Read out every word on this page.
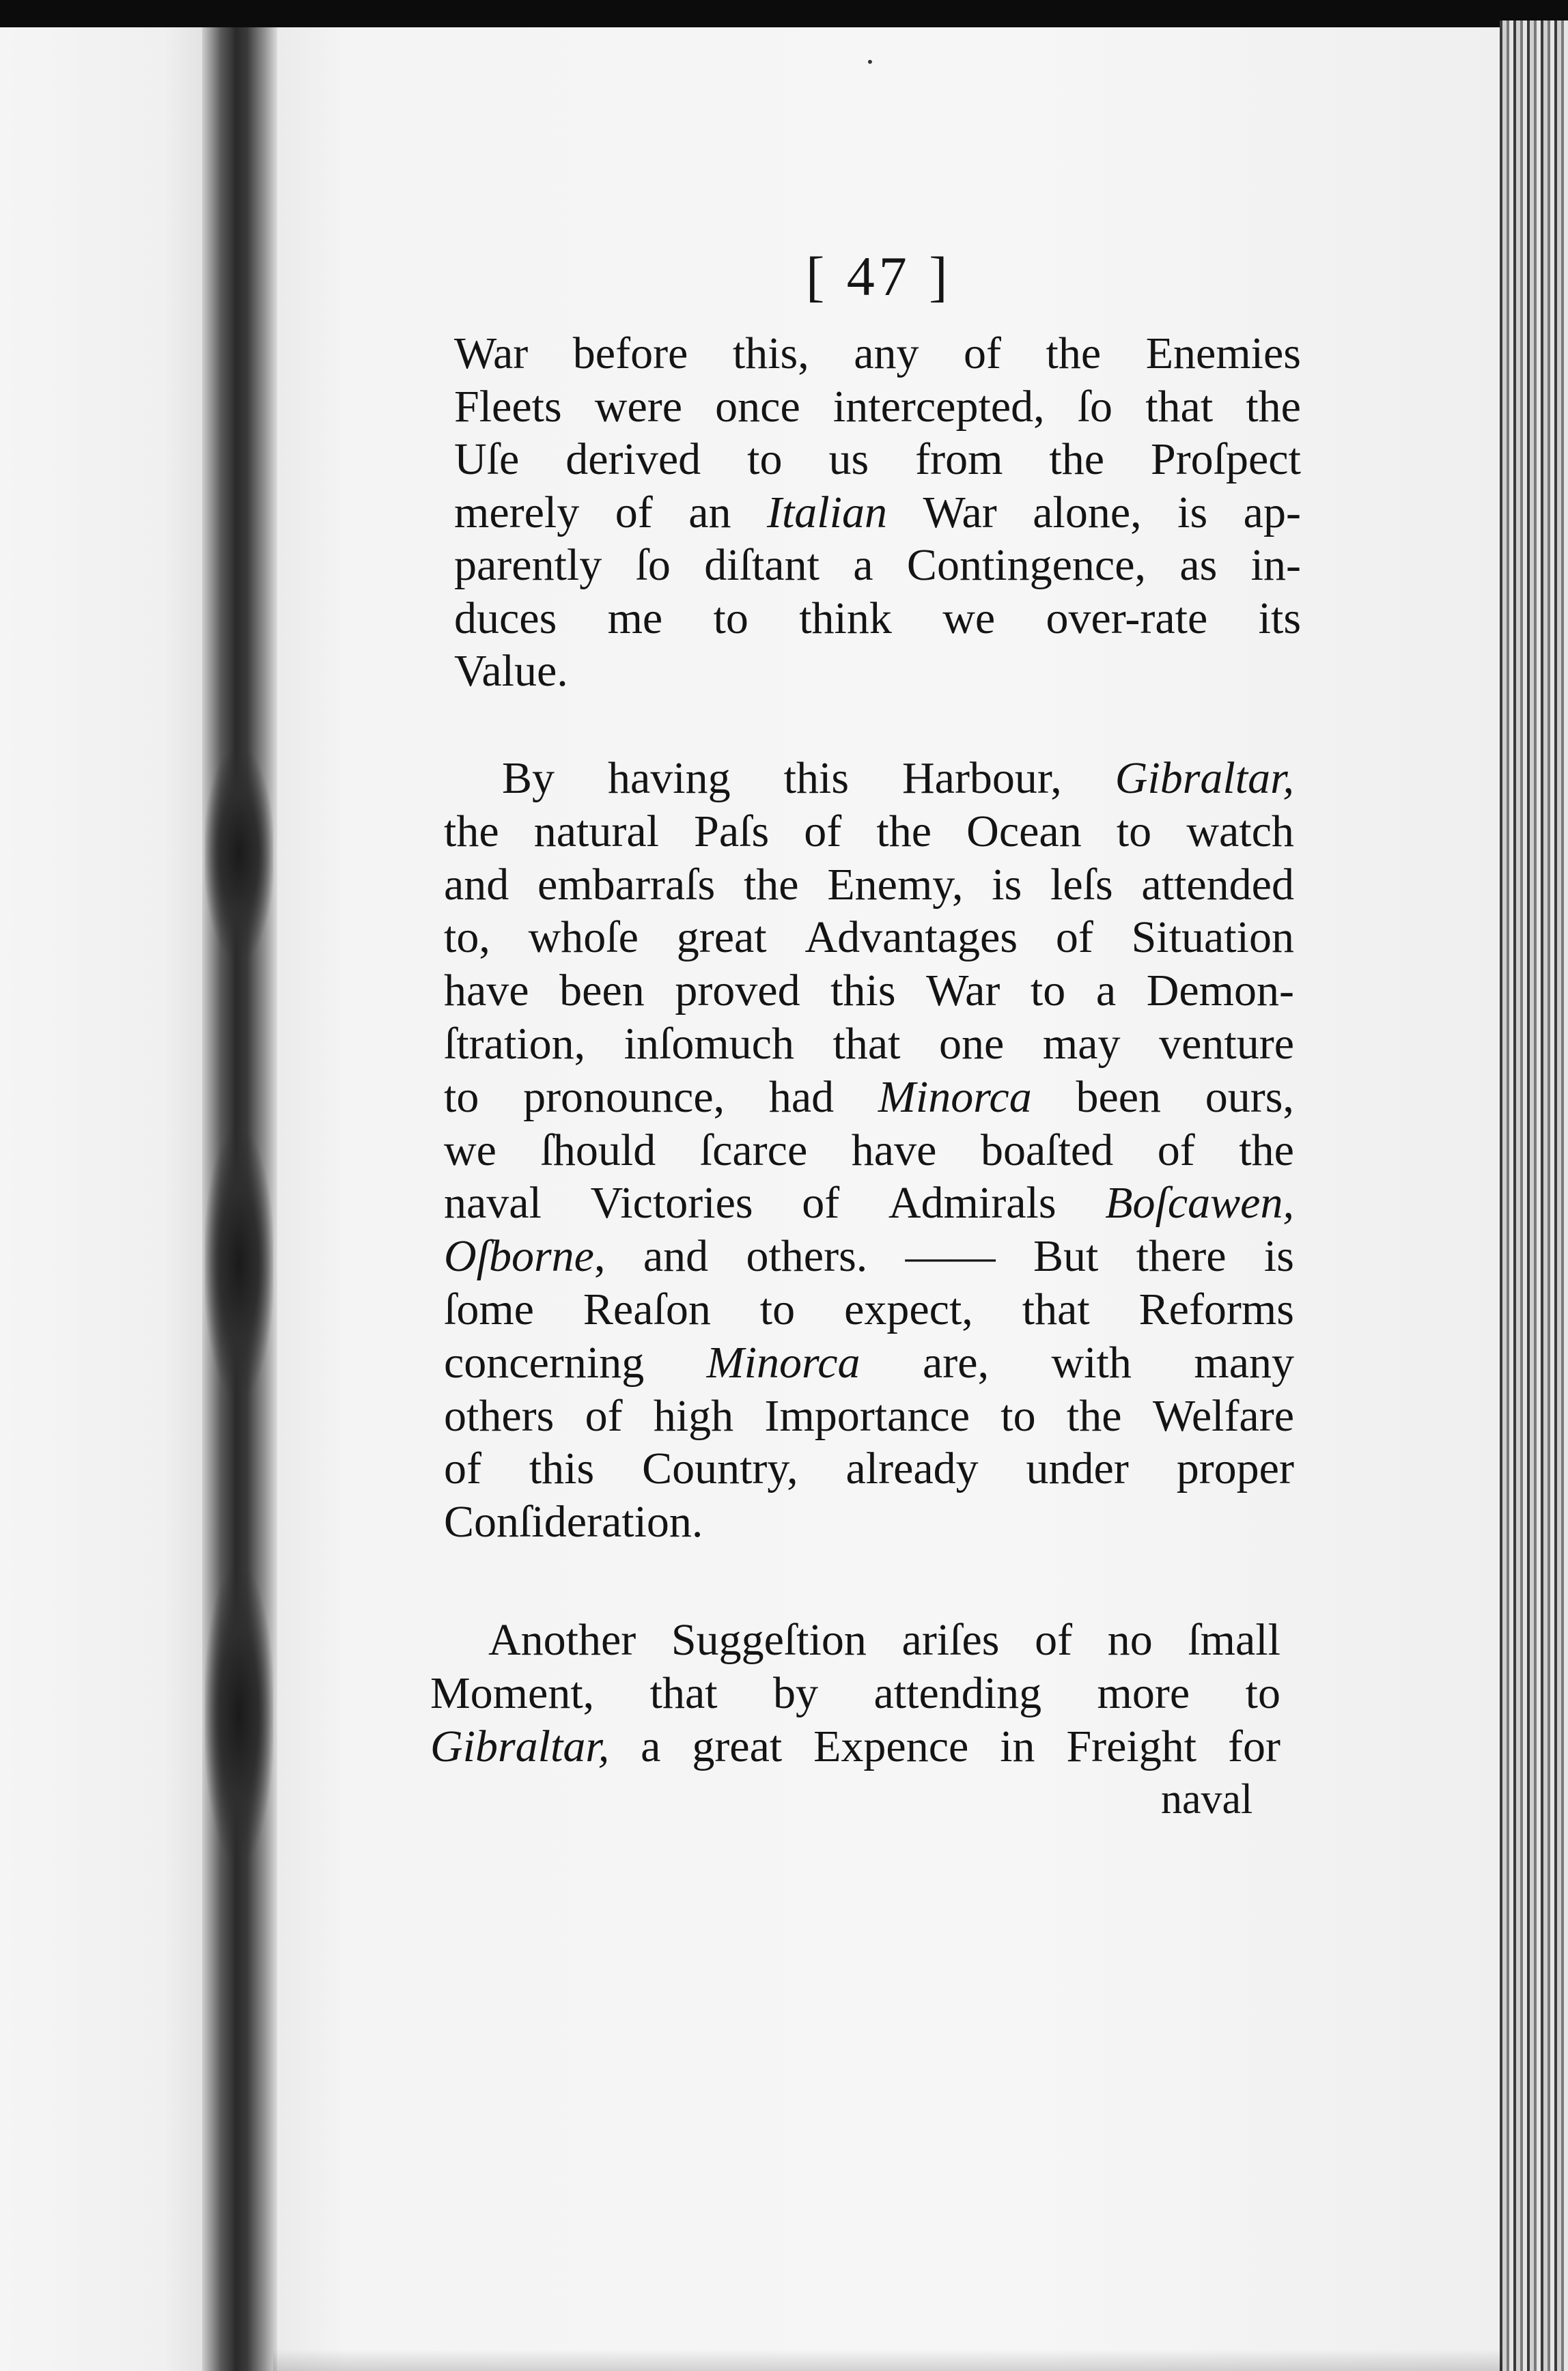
·
[ 47 ]
War before this, any of the Enemies
Fleets were once intercepted, ſo that the
Uſe derived to us from the Proſpect
merely of an Italian War alone, is ap-
parently ſo diſtant a Contingence, as in-
duces me to think we over-rate its
Value.
By having this Harbour, Gibraltar,
the natural Paſs of the Ocean to watch
and embarraſs the Enemy, is leſs attended
to, whoſe great Advantages of Situation
have been proved this War to a Demon-
ſtration, inſomuch that one may venture
to pronounce, had Minorca been ours,
we ſhould ſcarce have boaſted of the
naval Victories of Admirals Boſcawen,
Oſborne, and others. —— But there is
ſome Reaſon to expect, that Reforms
concerning Minorca are, with many
others of high Importance to the Welfare
of this Country, already under proper
Conſideration.
Another Suggeſtion ariſes of no ſmall
Moment, that by attending more to
Gibraltar, a great Expence in Freight for
naval
